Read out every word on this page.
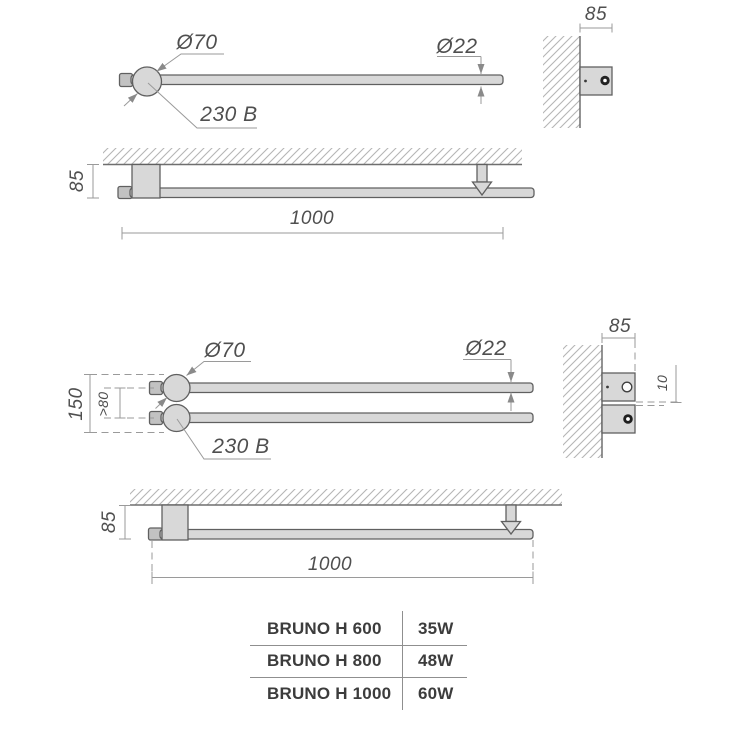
Ø70
230 B
Ø22
85
85
1000
Ø70
230 B
Ø22
150 >80
85
10
85
1000
BRUNO H 600	35W
BRUNO H 800	48W
BRUNO H 1000	60W
